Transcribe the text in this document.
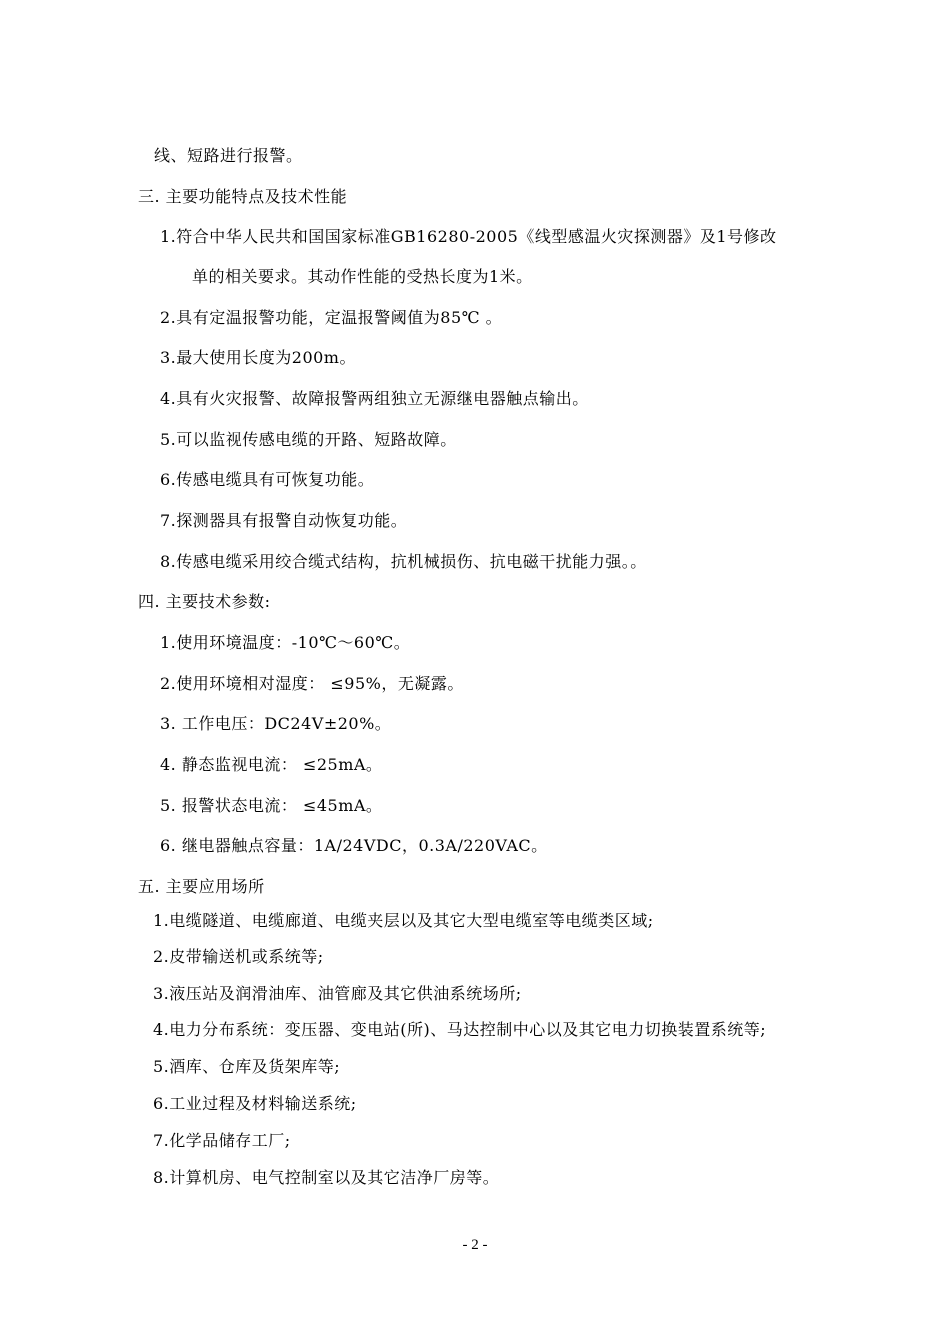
线、短路进行报警。
三. 主要功能特点及技术性能
1.符合中华人民共和国国家标准GB16280-2005《线型感温火灾探测器》及1号修改
单的相关要求。其动作性能的受热长度为1米。
2.具有定温报警功能，定温报警阈值为85℃ 。
3.最大使用长度为200m。
4.具有火灾报警、故障报警两组独立无源继电器触点输出。
5.可以监视传感电缆的开路、短路故障。
6.传感电缆具有可恢复功能。
7.探测器具有报警自动恢复功能。
8.传感电缆采用绞合缆式结构，抗机械损伤、抗电磁干扰能力强。。
四. 主要技术参数:
1.使用环境温度：-10℃～60℃。
2.使用环境相对湿度： ≤95%，无凝露。
3. 工作电压：DC24V±20%。
4. 静态监视电流： ≤25mA。
5. 报警状态电流： ≤45mA。
6. 继电器触点容量：1A/24VDC，0.3A/220VAC。
五. 主要应用场所
1.电缆隧道、电缆廊道、电缆夹层以及其它大型电缆室等电缆类区域;
2.皮带输送机或系统等;
3.液压站及润滑油库、油管廊及其它供油系统场所;
4.电力分布系统：变压器、变电站(所)、马达控制中心以及其它电力切换装置系统等;
5.酒库、仓库及货架库等;
6.工业过程及材料输送系统;
7.化学品储存工厂;
8.计算机房、电气控制室以及其它洁净厂房等。
- 2 -
